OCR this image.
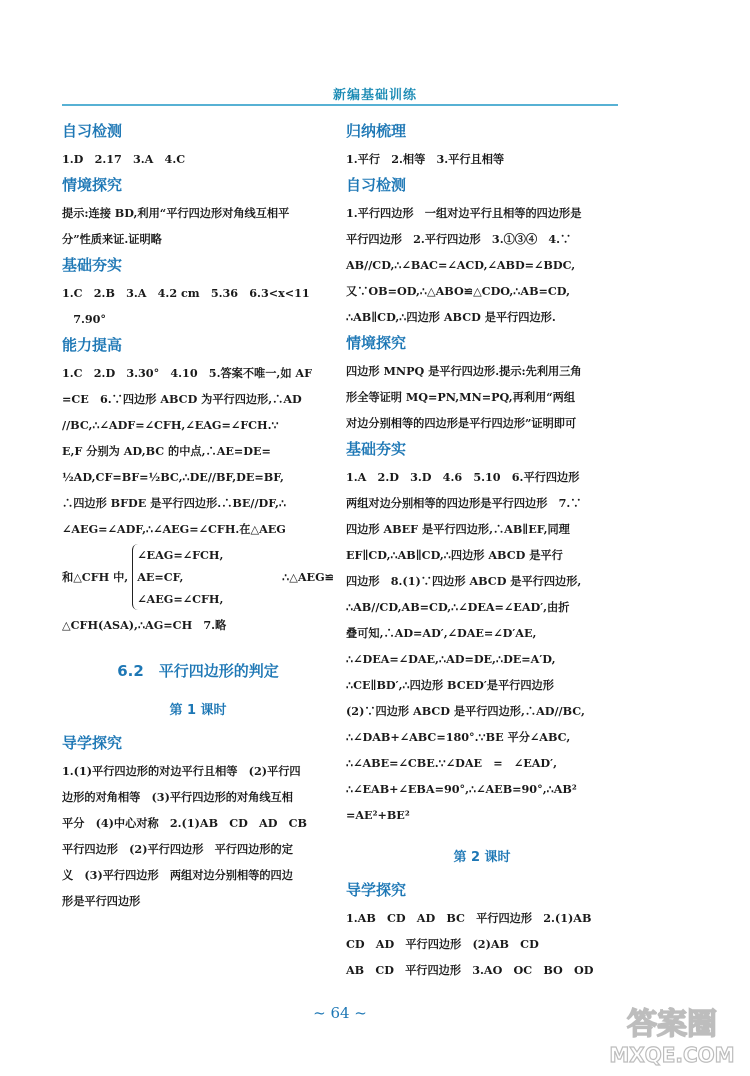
新编基础训练
自习检测

1.D　2.17　3.A　4.C

情境探究

提示:连接 BD,利用“平行四边形对角线互相平

分”性质来证.证明略

基础夯实

1.C　2.B　3.A　4.2 cm　5.36　6.3<x<11

　7.90°

能力提高

1.C　2.D　3.30°　4.10　5.答案不唯一,如 AF

=CE　6.∵四边形 ABCD 为平行四边形,∴AD

//BC,∴∠ADF=∠CFH,∠EAG=∠FCH.∵

E,F 分别为 AD,BC 的中点,∴AE=DE=

½AD,CF=BF=½BC,∴DE//BF,DE=BF,

∴四边形 BFDE 是平行四边形.∴BE//DF,∴

∠AEG=∠ADF,∴∠AEG=∠CFH.在△AEG

和△CFH 中,
∠EAG=∠FCH,
AE=CF,
∠AEG=∠CFH,
∴△AEG≌

△CFH(ASA),∴AG=CH　7.略

6.2　平行四边形的判定
第 1 课时
导学探究

1.(1)平行四边形的对边平行且相等　(2)平行四

边形的对角相等　(3)平行四边形的对角线互相

平分　(4)中心对称　2.(1)AB　CD　AD　CB

平行四边形　(2)平行四边形　平行四边形的定

义　(3)平行四边形　两组对边分别相等的四边

形是平行四边形

归纳梳理

1.平行　2.相等　3.平行且相等

自习检测

1.平行四边形　一组对边平行且相等的四边形是

平行四边形　2.平行四边形　3.①③④　4.∵

AB//CD,∴∠BAC=∠ACD,∠ABD=∠BDC,

又∵OB=OD,∴△ABO≌△CDO,∴AB=CD,

∴AB∥CD,∴四边形 ABCD 是平行四边形.

情境探究

四边形 MNPQ 是平行四边形.提示:先利用三角

形全等证明 MQ=PN,MN=PQ,再利用“两组

对边分别相等的四边形是平行四边形”证明即可

基础夯实

1.A　2.D　3.D　4.6　5.10　6.平行四边形

两组对边分别相等的四边形是平行四边形　7.∵

四边形 ABEF 是平行四边形,∴AB∥EF,同理

EF∥CD,∴AB∥CD,∴四边形 ABCD 是平行

四边形　8.(1)∵四边形 ABCD 是平行四边形,

∴AB//CD,AB=CD,∴∠DEA=∠EAD′,由折

叠可知,∴AD=AD′,∠DAE=∠D′AE,

∴∠DEA=∠DAE,∴AD=DE,∴DE=A′D,

∴CE∥BD′,∴四边形 BCED′是平行四边形

(2)∵四边形 ABCD 是平行四边形,∴AD//BC,

∴∠DAB+∠ABC=180°.∵BE 平分∠ABC,

∴∠ABE=∠CBE.∵∠DAE　=　∠EAD′,

∴∠EAB+∠EBA=90°,∴∠AEB=90°,∴AB²

=AE²+BE²

第 2 课时
导学探究

1.AB　CD　AD　BC　平行四边形　2.(1)AB

CD　AD　平行四边形　(2)AB　CD

AB　CD　平行四边形　3.AO　OC　BO　OD

~ 64 ~	答案圈
MXQE.COM
